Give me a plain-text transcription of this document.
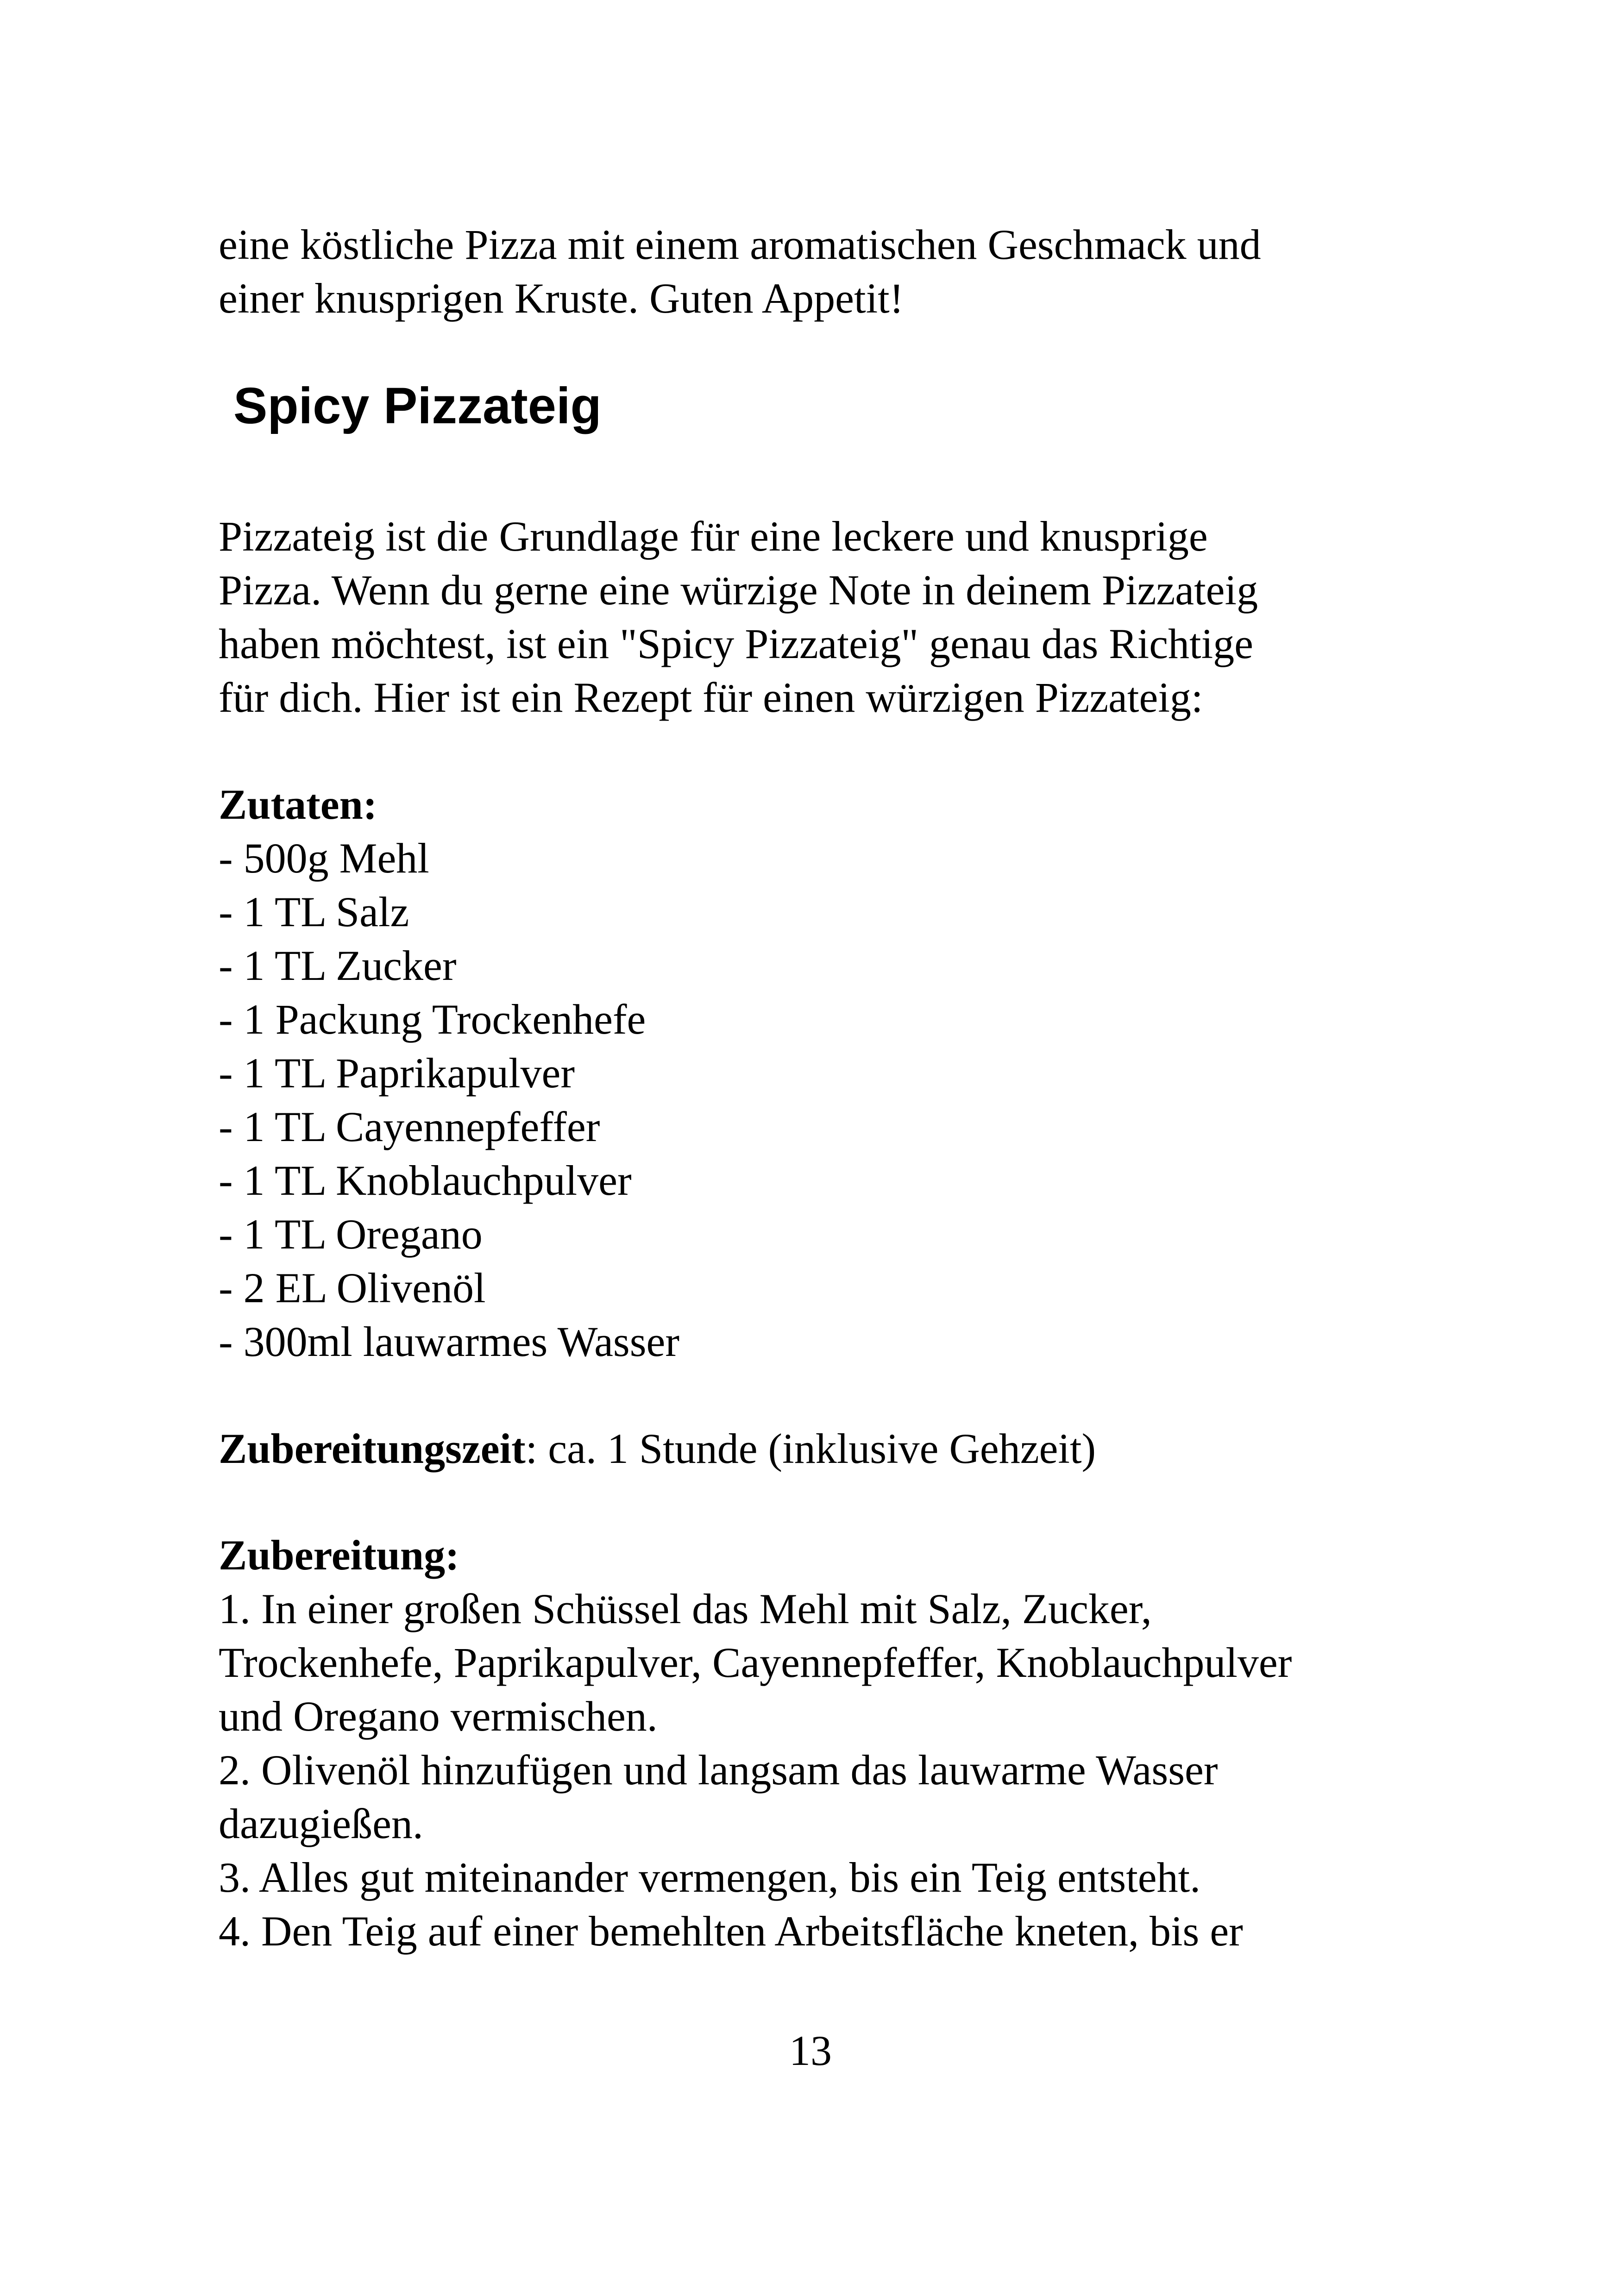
eine köstliche Pizza mit einem aromatischen Geschmack und
einer knusprigen Kruste. Guten Appetit!
Spicy Pizzateig
Pizzateig ist die Grundlage für eine leckere und knusprige
Pizza. Wenn du gerne eine würzige Note in deinem Pizzateig
haben möchtest, ist ein "Spicy Pizzateig" genau das Richtige
für dich. Hier ist ein Rezept für einen würzigen Pizzateig:
Zutaten:
- 500g Mehl
- 1 TL Salz
- 1 TL Zucker
- 1 Packung Trockenhefe
- 1 TL Paprikapulver
- 1 TL Cayennepfeffer
- 1 TL Knoblauchpulver
- 1 TL Oregano
- 2 EL Olivenöl
- 300ml lauwarmes Wasser
Zubereitungszeit: ca. 1 Stunde (inklusive Gehzeit)
Zubereitung:
1. In einer großen Schüssel das Mehl mit Salz, Zucker,
Trockenhefe, Paprikapulver, Cayennepfeffer, Knoblauchpulver
und Oregano vermischen.
2. Olivenöl hinzufügen und langsam das lauwarme Wasser
dazugießen.
3. Alles gut miteinander vermengen, bis ein Teig entsteht.
4. Den Teig auf einer bemehlten Arbeitsfläche kneten, bis er
13
